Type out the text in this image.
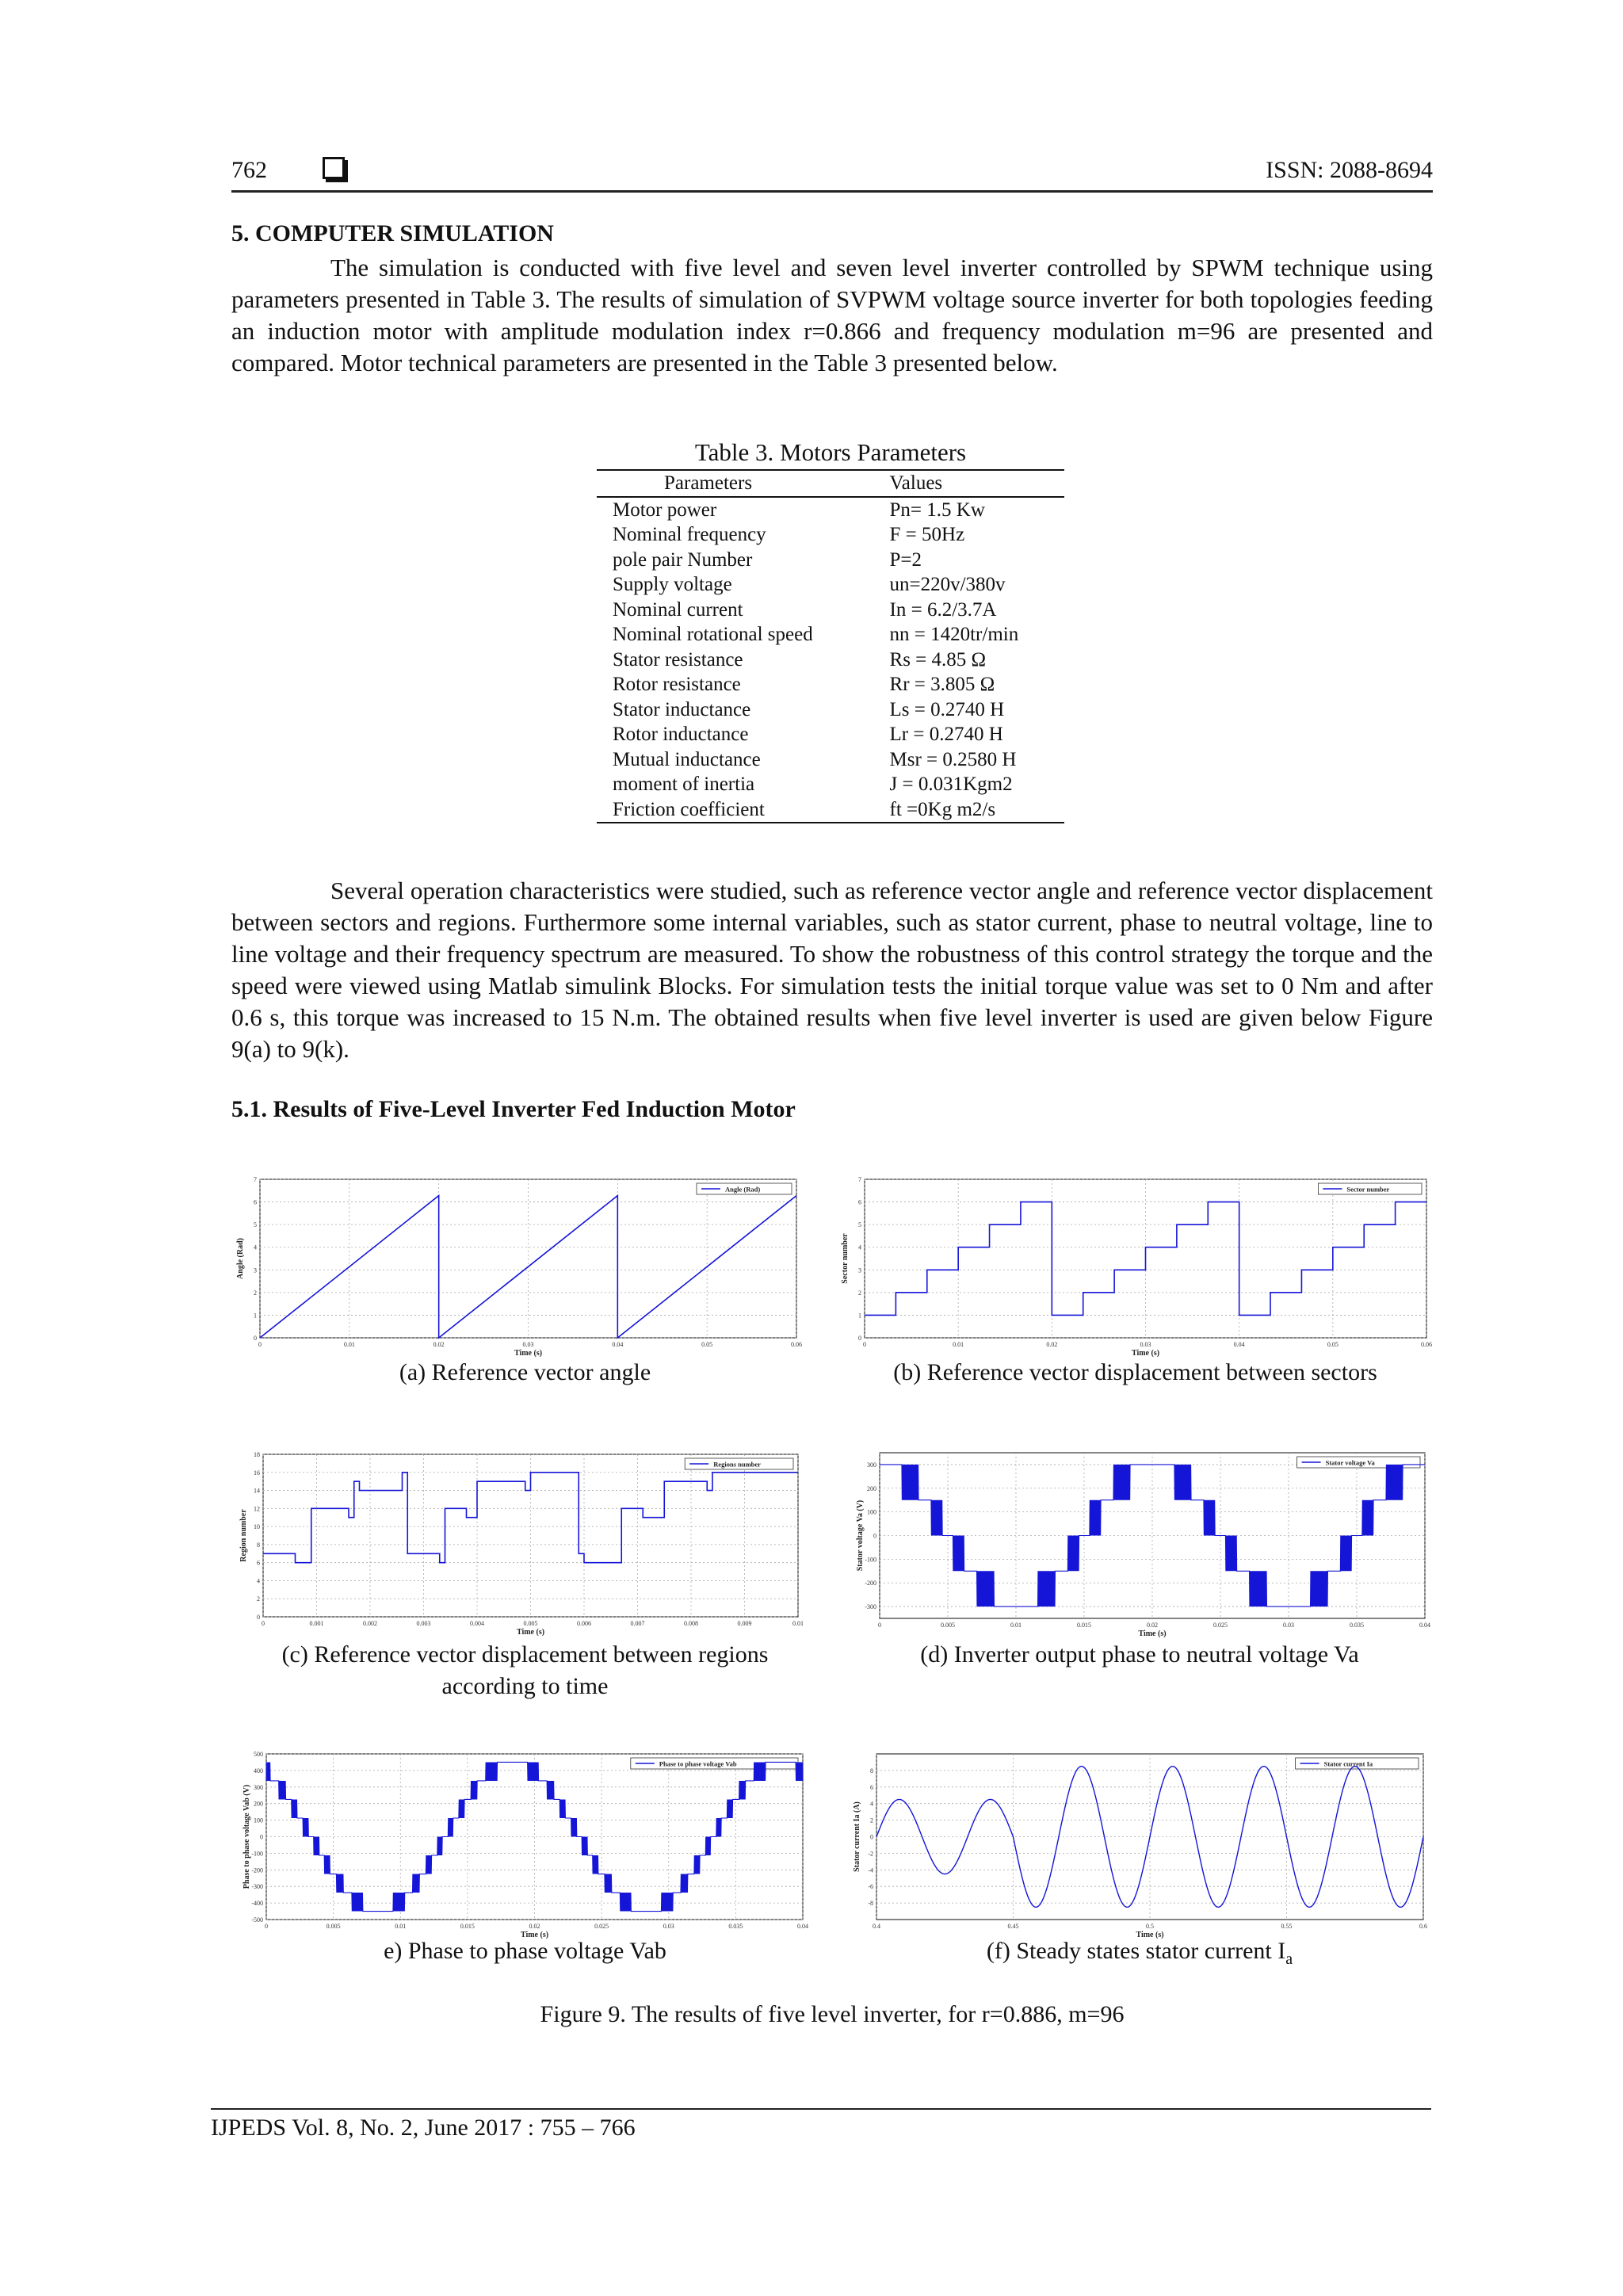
762	ISSN: 2088-8694
5. COMPUTER SIMULATION

The simulation is conducted with five level and seven level inverter controlled by SPWM technique using parameters presented in Table 3. The results of simulation of SVPWM voltage source inverter for both topologies feeding an induction motor with amplitude modulation index r=0.866 and frequency modulation m=96 are presented and compared. Motor technical parameters are presented in the Table 3 presented below.

Table 3. Motors Parameters
Parameters	Values
Motor power	Pn= 1.5 Kw
Nominal frequency	F = 50Hz
pole pair Number	P=2
Supply voltage	un=220v/380v
Nominal current	In = 6.2/3.7A
Nominal rotational speed	nn = 1420tr/min
Stator resistance	Rs = 4.85 Ω
Rotor resistance	Rr = 3.805 Ω
Stator inductance	Ls = 0.2740 H
Rotor inductance	Lr = 0.2740 H
Mutual inductance	Msr = 0.2580 H
moment of inertia	J = 0.031Kgm2
Friction coefficient	ft =0Kg m2/s

Several operation characteristics were studied, such as reference vector angle and reference vector displacement between sectors and regions. Furthermore some internal variables, such as stator current, phase to neutral voltage, line to line voltage and their frequency spectrum are measured. To show the robustness of this control strategy the torque and the speed were viewed using Matlab simulink Blocks. For simulation tests the initial torque value was set to 0 Nm and after 0.6 s, this torque was increased to 15 N.m. The obtained results when five level inverter is used are given below Figure 9(a) to 9(k).

5.1. Results of Five-Level Inverter Fed Induction Motor
0	0.01	0.02	0.03	0.04	0.05	0.06
0
1
2
3
4
5
6
7
Time (s)
Angle (Rad)
Angle (Rad)
(a) Reference vector angle
0	0.01	0.02	0.03	0.04	0.05	0.06
0
1
2
3
4
5
6
7
Time (s)
Sector number
Sector number
(b) Reference vector displacement between sectors
0	0.001	0.002	0.003	0.004	0.005	0.006	0.007	0.008	0.009	0.01
0
2
4
6
8
10
12
14
16
18
Time (s)
Region number
Regions number
(c) Reference vector displacement between regions
according to time
0	0.005	0.01	0.015	0.02	0.025	0.03	0.035	0.04
300
200
100
0
-100
-200
-300
Time (s)
Stator voltage Va (V)
Stator voltage Va
(d) Inverter output phase to neutral voltage Va
0	0.005	0.01	0.015	0.02	0.025	0.03	0.035	0.04
500
400
300
200
100
0
-100
-200
-300
-400
-500
Time (s)
Phase to phase voltage Vab (V)
Phase to phase voltage Vab
e) Phase to phase voltage Vab
0.4	0.45	0.5	0.55	0.6
8
6
4
2
0
-2
-4
-6
-8
Time (s)
Stator current Ia (A)
Stator current Ia
(f) Steady states stator current $I_a$
Figure 9. The results of five level inverter, for r=0.886, m=96
IJPEDS Vol. 8, No. 2, June 2017 : 755 – 766
